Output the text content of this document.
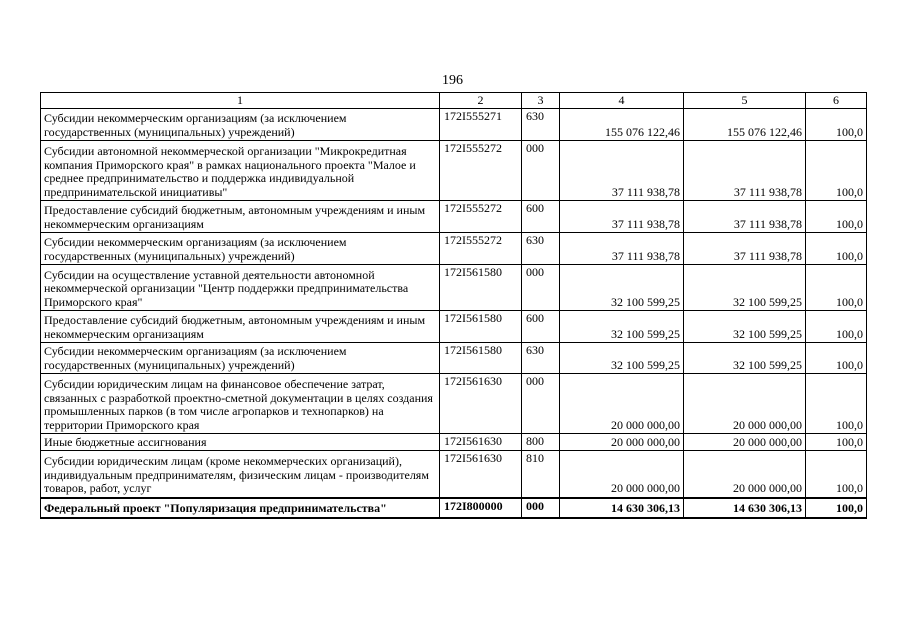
196
1	2	3	4	5	6
Субсидии некоммерческим организациям (за исключением государственных (муниципальных) учреждений)	172I555271	630	155 076 122,46	155 076 122,46	100,0
Субсидии автономной некоммерческой организации "Микрокредитная компания Приморского края" в рамках национального проекта "Малое и среднее предпринимательство и поддержка индивидуальной предпринимательской инициативы"	172I555272	000	37 111 938,78	37 111 938,78	100,0
Предоставление субсидий бюджетным, автономным учреждениям и иным некоммерческим организациям	172I555272	600	37 111 938,78	37 111 938,78	100,0
Субсидии некоммерческим организациям (за исключением государственных (муниципальных) учреждений)	172I555272	630	37 111 938,78	37 111 938,78	100,0
Субсидии на осуществление уставной деятельности автономной некоммерческой организации "Центр поддержки предпринимательства Приморского края"	172I561580	000	32 100 599,25	32 100 599,25	100,0
Предоставление субсидий бюджетным, автономным учреждениям и иным некоммерческим организациям	172I561580	600	32 100 599,25	32 100 599,25	100,0
Субсидии некоммерческим организациям (за исключением государственных (муниципальных) учреждений)	172I561580	630	32 100 599,25	32 100 599,25	100,0
Субсидии юридическим лицам на финансовое обеспечение затрат, связанных с разработкой проектно-сметной документации в целях создания промышленных парков (в том числе агропарков и технопарков) на территории Приморского края	172I561630	000	20 000 000,00	20 000 000,00	100,0
Иные бюджетные ассигнования	172I561630	800	20 000 000,00	20 000 000,00	100,0
Субсидии юридическим лицам (кроме некоммерческих организаций), индивидуальным предпринимателям, физическим лицам - производителям товаров, работ, услуг	172I561630	810	20 000 000,00	20 000 000,00	100,0
Федеральный проект "Популяризация предпринимательства"	172I800000	000	14 630 306,13	14 630 306,13	100,0
